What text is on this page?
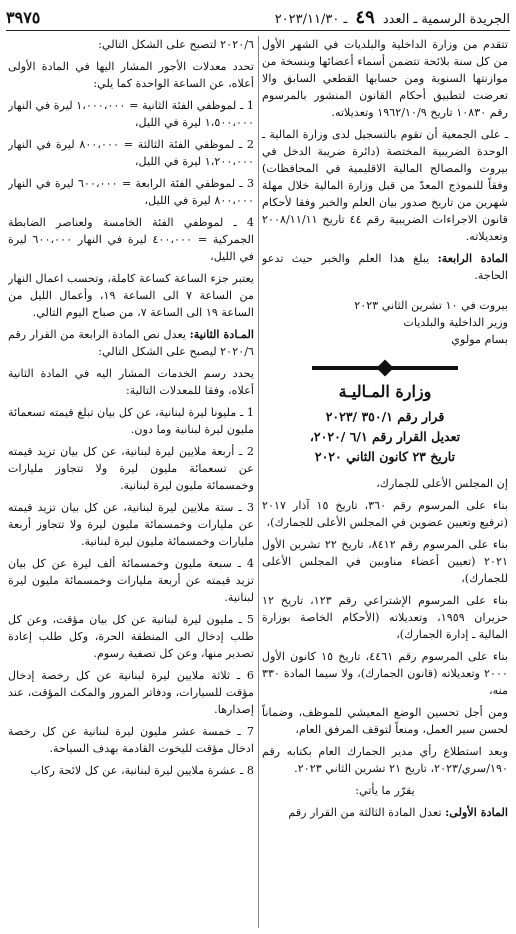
الجريدة الرسمية ـ العدد ٤٩ ـ ٢٠٢٣/١١/٣٠
٣٩٧٥

تتقدم من وزارة الداخلية والبلديات في الشهر الأول من كل سنة بلائحة تتضمن أسماء أعضائها وبنسخة من موازنتها السنوية ومن حسابها القطعي السابق والا تعرضت لتطبيق أحكام القانون المنشور بالمرسوم رقم ١٠٨٣٠ تاريخ ١٩٦٢/١٠/٩ وتعديلاته.

ـ على الجمعية أن تقوم بالتسجيل لدى وزارة المالية ـ الوحدة الضريبية المختصة (دائرة ضريبة الدخل في بيروت والمصالح المالية الاقليمية في المحافظات) وفقاً للنموذج المعدّ من قبل وزارة المالية خلال مهلة شهرين من تاريخ صدور بيان العلم والخبر وفقا لأحكام قانون الاجراءات الضريبية رقم ٤٤ تاريخ ٢٠٠٨/١١/١١ وتعديلاته.

المادة الرابعة: يبلغ هذا العلم والخبر حيث تدعو الحاجة.

بيروت في ١٠ تشرين الثاني ٢٠٢٣

وزير الداخلية والبلديات

بسام مولوي

وزارة المـاليـة

قرار رقم ٣٥٠/١ /٢٠٢٣

تعديل القرار رقم ٦/١ /٢٠٢٠،

تاريخ ٢٣ كانون الثاني ٢٠٢٠

إن المجلس الأعلى للجمارك،

بناء على المرسوم رقم ٣٦٠، تاريخ ١٥ آذار ٢٠١٧ (ترفيع وتعيين عضوين في المجلس الأعلى للجمارك)،

بناء على المرسوم رقم ٨٤١٢، تاريخ ٢٢ تشرين الأول ٢٠٢١ (تعيين أعضاء مناوبين في المجلس الأعلى للجمارك)،

بناء على المرسوم الإشتراعي رقم ١٢٣، تاريخ ١٢ حزيران ١٩٥٩، وتعديلاته (الأحكام الخاصة بوزارة المالية ـ إدارة الجمارك)،

بناء على المرسوم رقم ٤٤٦١، تاريخ ١٥ كانون الأول ٢٠٠٠ وتعديلاته (قانون الجمارك)، ولا سيما المادة ٣٣٠ منه،

ومن أجل تحسين الوضع المعيشي للموظف، وضماناً لحسن سير العمل، ومنعاً لتوقف المرفق العام،

وبعد استطلاع رأي مدير الجمارك العام بكتابه رقم ١٩٠/سري/٢٠٢٣، تاريخ ٢١ تشرين الثاني ٢٠٢٣.

يقرّر ما يأتي:

المادة الأولى: تعدل المادة الثالثة من القرار رقم

٢٠٢٠/٦ لتصبح على الشكل التالي:

تحدد معدلات الأجور المشار اليها في المادة الأولى أعلاه، عن الساعة الواحدة كما يلي:

1 ـ لموظفي الفئة الثانية = ١،٠٠٠،٠٠٠ ليرة في النهار ١،٥٠٠،٠٠٠ ليرة في الليل،

2 ـ لموظفي الفئة الثالثة = ٨٠٠،٠٠٠ ليرة في النهار ١،٢٠٠،٠٠٠ ليرة في الليل،

3 ـ لموظفي الفئة الرابعة = ٦٠٠،٠٠٠ ليرة في النهار ٨٠٠،٠٠٠ ليرة في الليل،

4 ـ لموظفي الفئة الخامسة ولعناصر الضابطة الجمركية = ٤٠٠،٠٠٠ ليرة في النهار ٦٠٠،٠٠٠ ليرة في الليل،

يعتبر جزء الساعة كساعة كاملة، وتحسب اعمال النهار من الساعة ٧ الى الساعة ١٩، وأعمال الليل من الساعة ١٩ الى الساعة ٧، من صباح اليوم التالي.

المـادة الثانية: يعدل نص المادة الرابعة من القرار رقم ٢٠٢٠/٦ ليصبح على الشكل التالي:

يحدد رسم الخدمات المشار اليه في المادة الثانية أعلاه، وفقا للمعدلات التالية:

1 ـ مليونا ليرة لبنانية، عن كل بيان تبلغ قيمته تسعمائة مليون ليرة لبنانية وما دون.

2 ـ أربعة ملايين ليرة لبنانية، عن كل بيان تزيد قيمته عن تسعمائة مليون ليرة ولا تتجاوز مليارات وخمسمائة مليون ليرة لبنانية.

3 ـ ستة ملايين ليرة لبنانية، عن كل بيان تزيد قيمته عن مليارات وخمسمائة مليون ليرة ولا تتجاوز أربعة مليارات وخمسمائة مليون ليرة لبنانية.

4 ـ سبعة مليون وخمسمائة ألف ليرة عن كل بيان تزيد قيمته عن أربعة مليارات وخمسمائة مليون ليرة لبنانية.

5 ـ مليون ليرة لبنانية عن كل بيان مؤقت، وعن كل طلب إدخال الى المنطقة الحرة، وكل طلب إعادة تصدير منها، وعن كل تصفية رسوم.

6 ـ ثلاثة ملايين ليرة لبنانية عن كل رخصة إدخال مؤقت للسيارات، ودفاتر المرور والمكث المؤقت، عند إصدارها.

7 ـ خمسة عشر مليون ليرة لبنانية عن كل رخصة ادخال مؤقت لليخوت القادمة بهدف السياحة.

8 ـ عشرة ملايين ليرة لبنانية، عن كل لائحة ركاب
